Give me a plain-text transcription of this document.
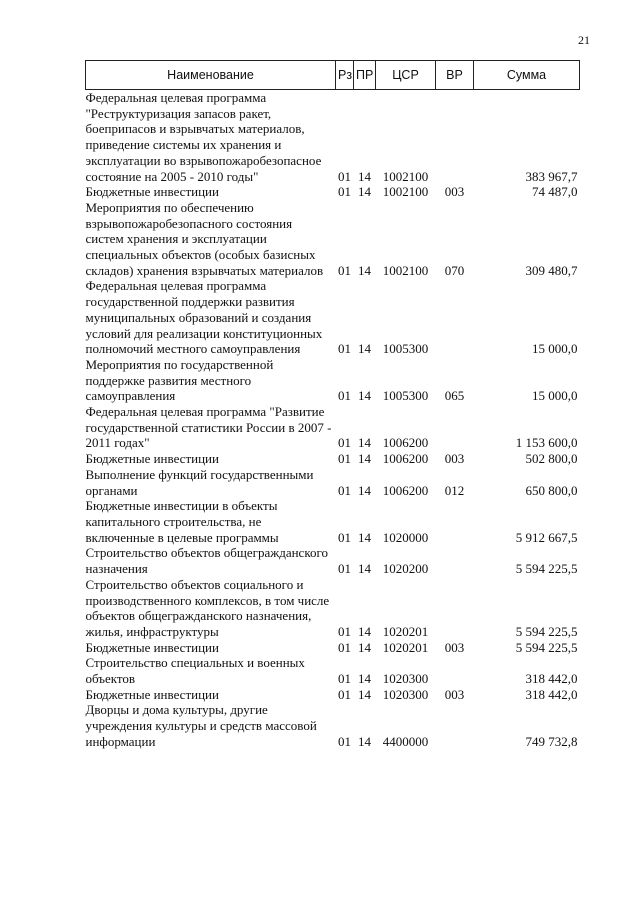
21
Наименование	Рз	ПР	ЦСР	ВР	Сумма
Федеральная целевая программа "Реструктуризация запасов ракет, боеприпасов и взрывчатых материалов, приведение системы их хранения и эксплуатации во взрывопожаробезопасное состояние на 2005 - 2010 годы"	01	14	1002100		383 967,7
Бюджетные инвестиции	01	14	1002100	003	74 487,0
Мероприятия по обеспечению взрывопожаробезопасного состояния систем хранения и эксплуатации специальных объектов (особых базисных складов) хранения взрывчатых материалов	01	14	1002100	070	309 480,7
Федеральная целевая программа государственной поддержки развития муниципальных образований и создания условий для реализации конституционных полномочий местного самоуправления	01	14	1005300		15 000,0
Мероприятия по государственной поддержке развития местного самоуправления	01	14	1005300	065	15 000,0
Федеральная целевая программа "Развитие государственной статистики России в 2007 - 2011 годах"	01	14	1006200		1 153 600,0
Бюджетные инвестиции	01	14	1006200	003	502 800,0
Выполнение функций государственными органами	01	14	1006200	012	650 800,0
Бюджетные инвестиции в объекты капитального строительства, не включенные в целевые программы	01	14	1020000		5 912 667,5
Строительство объектов общегражданского назначения	01	14	1020200		5 594 225,5
Строительство объектов социального и производственного комплексов, в том числе объектов общегражданского назначения, жилья, инфраструктуры	01	14	1020201		5 594 225,5
Бюджетные инвестиции	01	14	1020201	003	5 594 225,5
Строительство специальных и военных объектов	01	14	1020300		318 442,0
Бюджетные инвестиции	01	14	1020300	003	318 442,0
Дворцы и дома культуры, другие учреждения культуры и средств массовой информации	01	14	4400000		749 732,8
